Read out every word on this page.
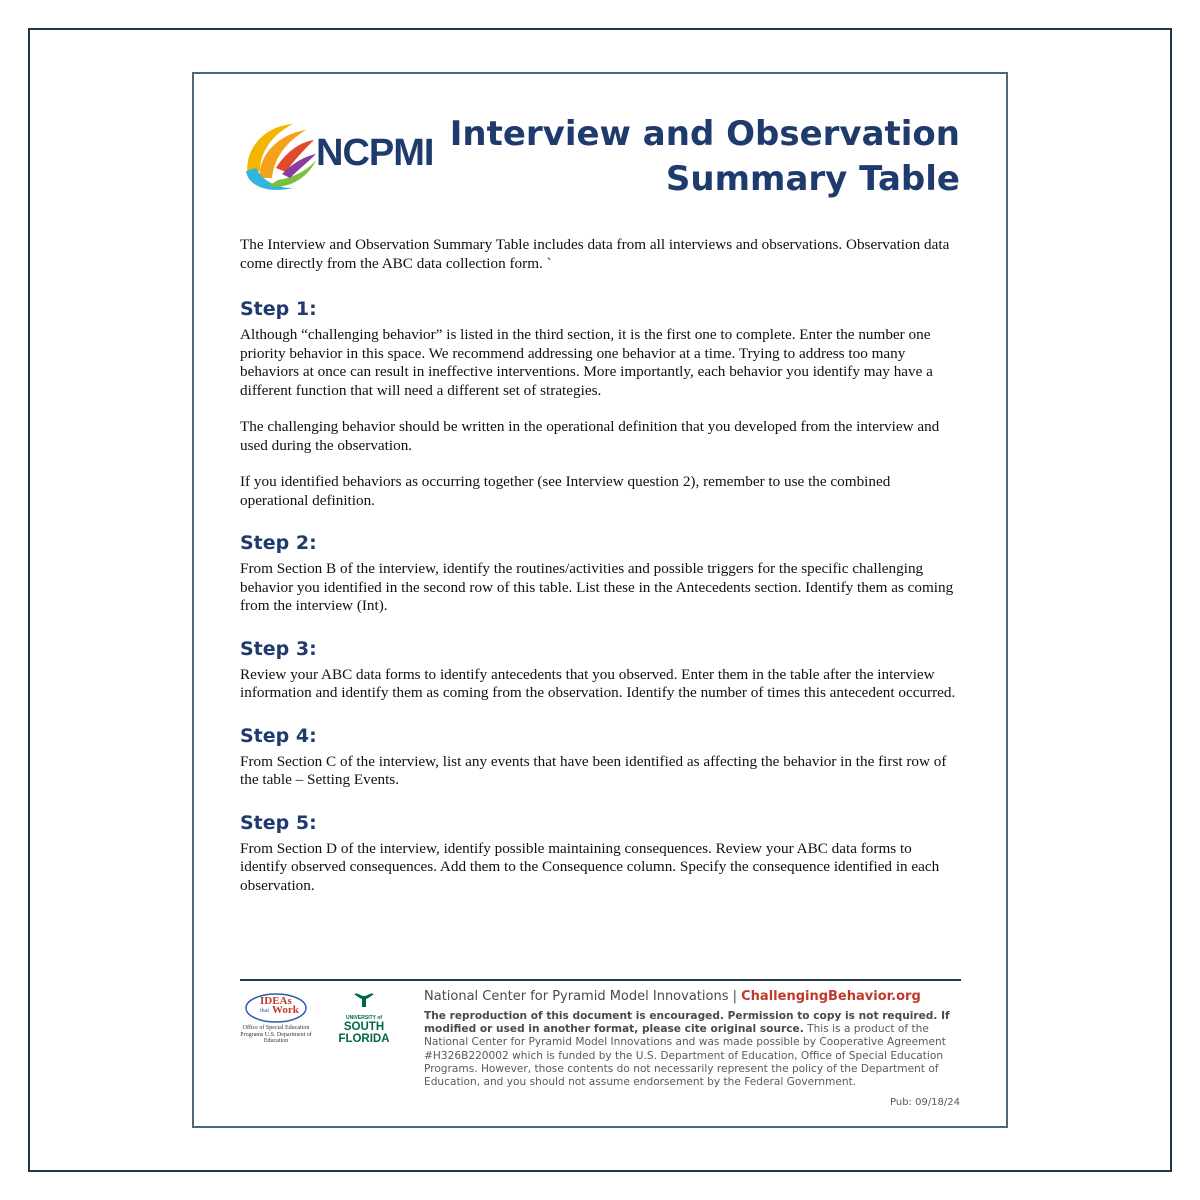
NCPMI Interview and Observation
Summary Table

The Interview and Observation Summary Table includes data from all interviews and observations. Observation data come directly from the ABC data collection form. `

Step 1:

Although “challenging behavior” is listed in the third section, it is the first one to complete. Enter the number one priority behavior in this space. We recommend addressing one behavior at a time. Trying to address too many behaviors at once can result in ineffective interventions. More importantly, each behavior you identify may have a different function that will need a different set of strategies.

The challenging behavior should be written in the operational definition that you developed from the interview and used during the observation.

If you identified behaviors as occurring together (see Interview question 2), remember to use the combined operational definition.

Step 2:

From Section B of the interview, identify the routines/activities and possible triggers for the specific challenging behavior you identified in the second row of this table. List these in the Antecedents section. Identify them as coming from the interview (Int).

Step 3:

Review your ABC data forms to identify antecedents that you observed. Enter them in the table after the interview information and identify them as coming from the observation. Identify the number of times this antecedent occurred.

Step 4:

From Section C of the interview, list any events that have been identified as affecting the behavior in the first row of the table – Setting Events.

Step 5:

From Section D of the interview, identify possible maintaining consequences. Review your ABC data forms to identify observed consequences. Add them to the Consequence column. Specify the consequence identified in each observation.

IDEAs
that Work
Office of Special Education Programs U.S. Department of Education
UNIVERSITY of
SOUTH
FLORIDA
National Center for Pyramid Model Innovations | ChallengingBehavior.org
The reproduction of this document is encouraged. Permission to copy is not required. If modified or used in another format, please cite original source. This is a product of the National Center for Pyramid Model Innovations and was made possible by Cooperative Agreement #H326B220002 which is funded by the U.S. Department of Education, Office of Special Education Programs. However, those contents do not necessarily represent the policy of the Department of Education, and you should not assume endorsement by the Federal Government.
Pub: 09/18/24
